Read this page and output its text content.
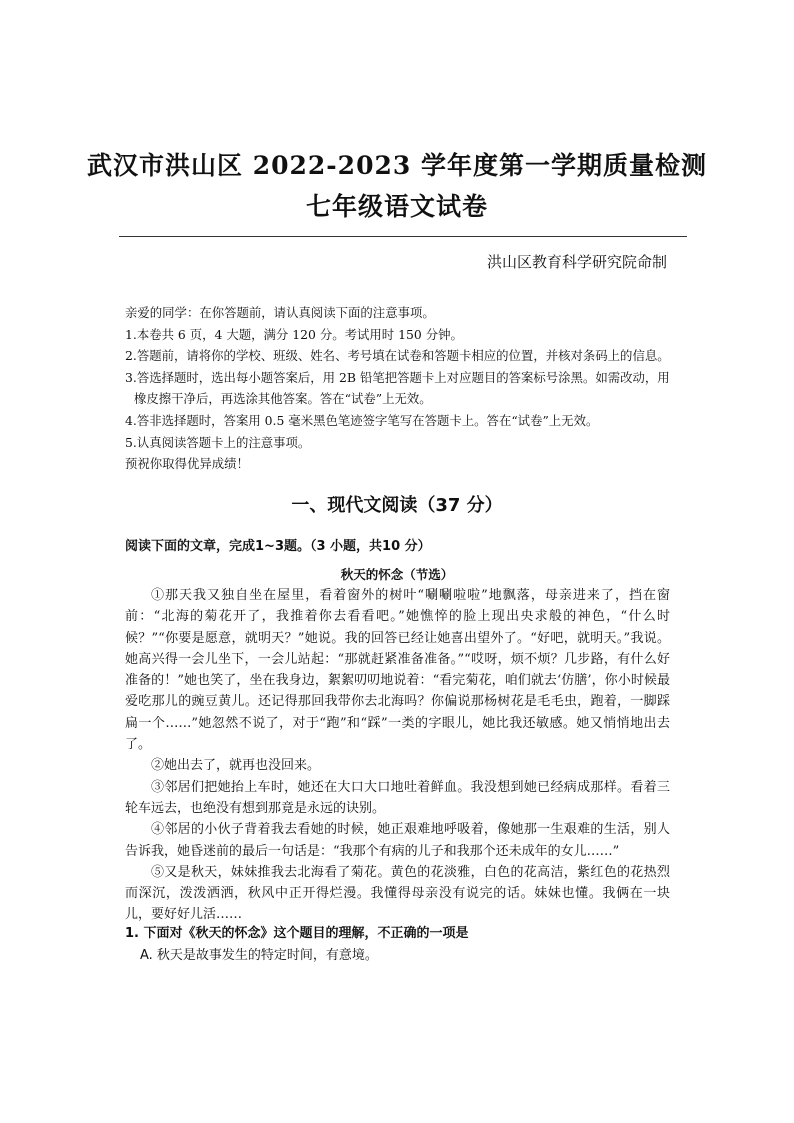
武汉市洪山区 2022-2023 学年度第一学期质量检测
七年级语文试卷
洪山区教育科学研究院命制
亲爱的同学：在你答题前，请认真阅读下面的注意事项。
1.本卷共 6 页，4 大题，满分 120 分。考试用时 150 分钟。
2.答题前，请将你的学校、班级、姓名、考号填在试卷和答题卡相应的位置，并核对条码上的信息。
3.答选择题时，选出每小题答案后，用 2B 铅笔把答题卡上对应题目的答案标号涂黑。如需改动，用橡皮擦干净后，再选涂其他答案。答在“试卷”上无效。
4.答非选择题时，答案用 0.5 毫米黑色笔迹签字笔写在答题卡上。答在“试卷”上无效。
5.认真阅读答题卡上的注意事项。
预祝你取得优异成绩！
一、现代文阅读（37 分）
阅读下面的文章，完成1~3题。（3 小题，共10 分）
秋天的怀念（节选）

①那天我又独自坐在屋里，看着窗外的树叶“唰唰啦啦”地飘落，母亲进来了，挡在窗前：“北海的菊花开了，我推着你去看看吧。”她憔悴的脸上现出央求般的神色，“什么时候？”“你要是愿意，就明天？”她说。我的回答已经让她喜出望外了。“好吧，就明天。”我说。她高兴得一会儿坐下，一会儿站起：“那就赶紧准备准备。”“哎呀，烦不烦？几步路，有什么好准备的！”她也笑了，坐在我身边，絮絮叨叨地说着：“看完菊花，咱们就去‘仿膳’，你小时候最爱吃那儿的豌豆黄儿。还记得那回我带你去北海吗？你偏说那杨树花是毛毛虫，跑着，一脚踩扁一个……”她忽然不说了，对于“跑”和“踩”一类的字眼儿，她比我还敏感。她又悄悄地出去了。

②她出去了，就再也没回来。

③邻居们把她抬上车时，她还在大口大口地吐着鲜血。我没想到她已经病成那样。看着三轮车远去，也绝没有想到那竟是永远的诀别。

④邻居的小伙子背着我去看她的时候，她正艰难地呼吸着，像她那一生艰难的生活，别人告诉我，她昏迷前的最后一句话是：“我那个有病的儿子和我那个还未成年的女儿……”

⑤又是秋天，妹妹推我去北海看了菊花。黄色的花淡雅，白色的花高洁，紫红色的花热烈而深沉，泼泼洒洒，秋风中正开得烂漫。我懂得母亲没有说完的话。妹妹也懂。我俩在一块儿，要好好儿活……

1. 下面对《秋天的怀念》这个题目的理解，不正确的一项是
A. 秋天是故事发生的特定时间，有意境。
